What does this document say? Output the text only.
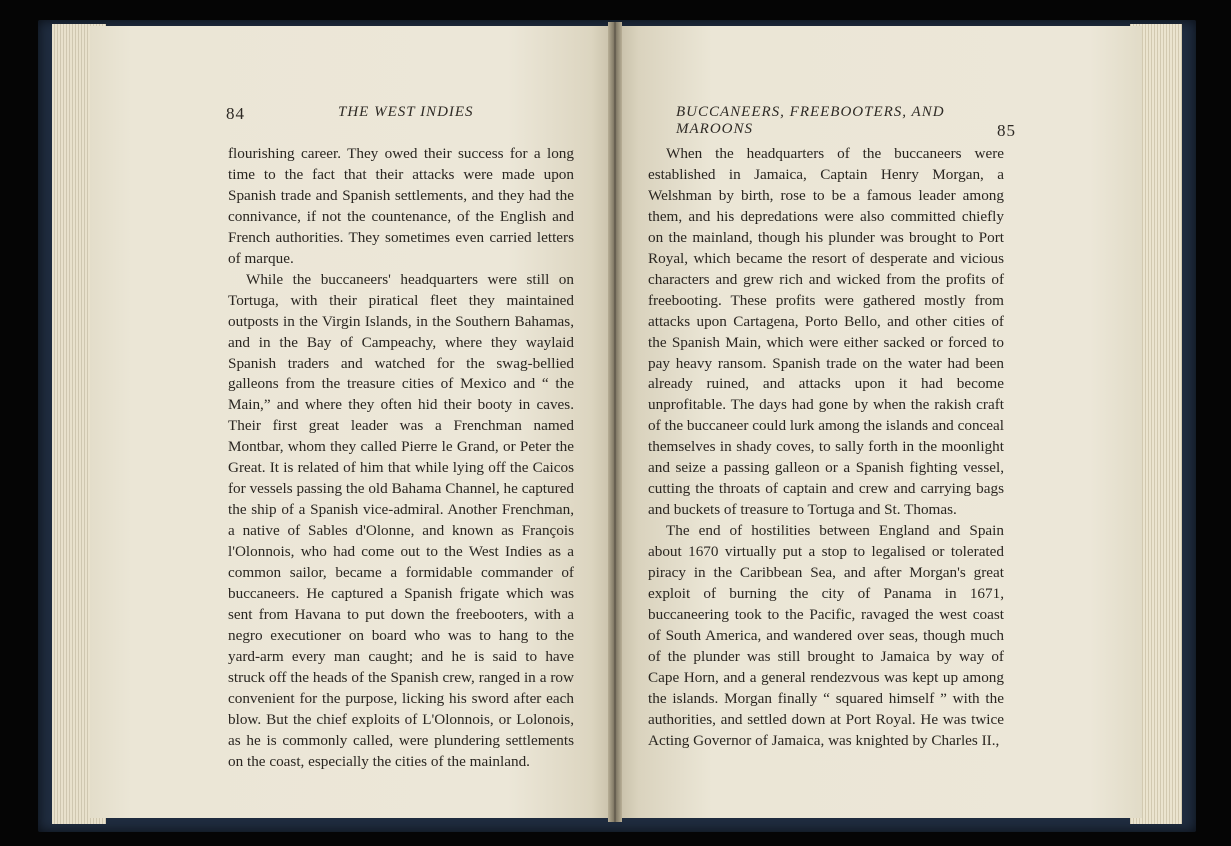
84	THE WEST INDIES

flourishing career. They owed their success for a long time to the fact that their attacks were made upon Spanish trade and Spanish settlements, and they had the connivance, if not the countenance, of the English and French authorities. They sometimes even carried letters of marque.

While the buccaneers' headquarters were still on Tortuga, with their piratical fleet they maintained outposts in the Virgin Islands, in the Southern Bahamas, and in the Bay of Campeachy, where they waylaid Spanish traders and watched for the swag-bellied galleons from the treasure cities of Mexico and “ the Main,” and where they often hid their booty in caves. Their first great leader was a Frenchman named Montbar, whom they called Pierre le Grand, or Peter the Great. It is related of him that while lying off the Caicos for vessels passing the old Bahama Channel, he captured the ship of a Spanish vice-admiral. Another Frenchman, a native of Sables d'Olonne, and known as François l'Olonnois, who had come out to the West Indies as a common sailor, became a formidable commander of buccaneers. He captured a Spanish frigate which was sent from Havana to put down the freebooters, with a negro executioner on board who was to hang to the yard-arm every man caught; and he is said to have struck off the heads of the Spanish crew, ranged in a row convenient for the purpose, licking his sword after each blow. But the chief exploits of L'Olonnois, or Lolonois, as he is commonly called, were plundering settlements on the coast, especially the cities of the mainland.

BUCCANEERS, FREEBOOTERS, AND MAROONS	85

When the headquarters of the buccaneers were established in Jamaica, Captain Henry Morgan, a Welshman by birth, rose to be a famous leader among them, and his depredations were also committed chiefly on the mainland, though his plunder was brought to Port Royal, which became the resort of desperate and vicious characters and grew rich and wicked from the profits of freebooting. These profits were gathered mostly from attacks upon Cartagena, Porto Bello, and other cities of the Spanish Main, which were either sacked or forced to pay heavy ransom. Spanish trade on the water had been already ruined, and attacks upon it had become unprofitable. The days had gone by when the rakish craft of the buccaneer could lurk among the islands and conceal themselves in shady coves, to sally forth in the moonlight and seize a passing galleon or a Spanish fighting vessel, cutting the throats of captain and crew and carrying bags and buckets of treasure to Tortuga and St. Thomas.

The end of hostilities between England and Spain about 1670 virtually put a stop to legalised or tolerated piracy in the Caribbean Sea, and after Morgan's great exploit of burning the city of Panama in 1671, buccaneering took to the Pacific, ravaged the west coast of South America, and wandered over seas, though much of the plunder was still brought to Jamaica by way of Cape Horn, and a general rendezvous was kept up among the islands. Morgan finally “ squared himself ” with the authorities, and settled down at Port Royal. He was twice Acting Governor of Jamaica, was knighted by Charles II.,
